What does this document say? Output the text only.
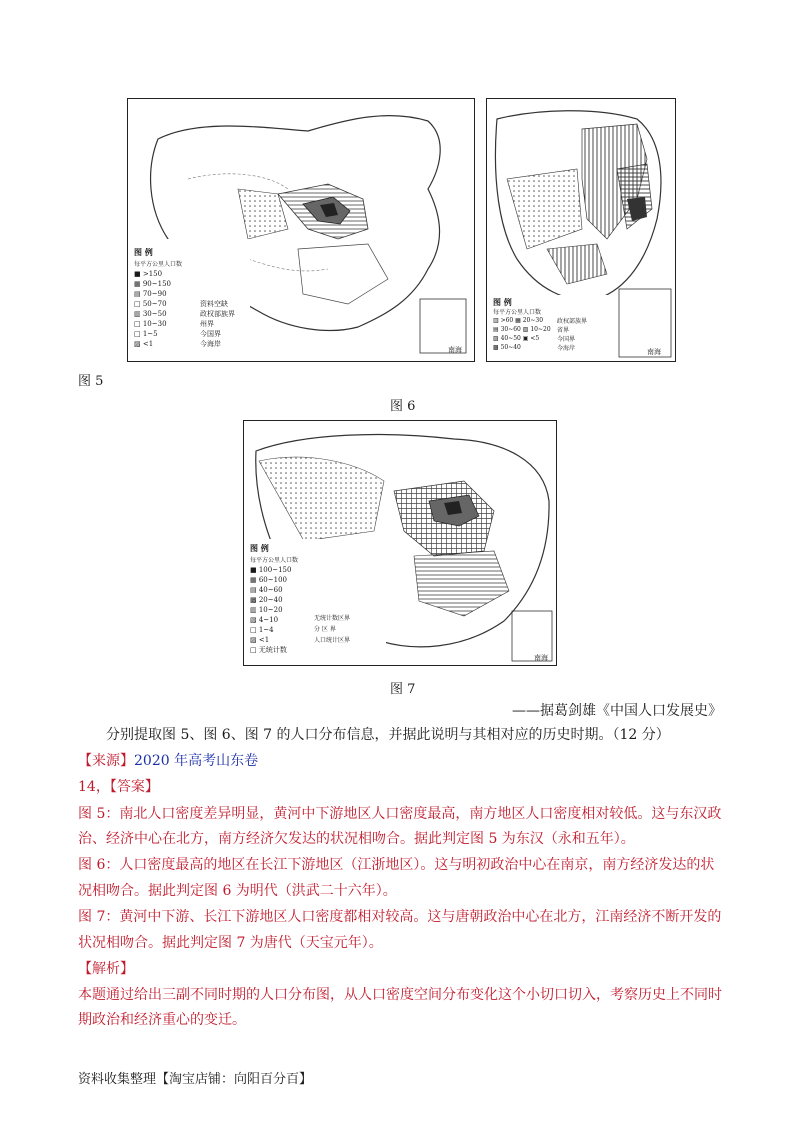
图 例
每平方公里人口数
■ >150
▦ 90~150
▤ 70~90
□ 50~70
▥ 30~50
□ 10~30
□ 1~5
▨ <1
资料空缺
政权部族界
州界
今国界
今海岸
南海
图 5
图 例
每平方公里人口数
▥ >60 ▦ 20~30
▤ 30~60 ▧ 10~20
▨ 40~50 ▣ <5
▩ 50~40
政权部族界
省界
今国界
今海岸	南海
图 6
图 例
每平方公里人口数
■ 100~150
▦ 60~100
▤ 40~60
▩ 20~40
▥ 10~20
▧ 4~10
□ 1~4
▨ <1
□ 无统计数
无统计数区界
分 区 界
人口统计区界
南海
图 7
——据葛剑雄《中国人口发展史》
分别提取图 5、图 6、图 7 的人口分布信息，并据此说明与其相对应的历史时期。（12 分）
【来源】2020 年高考山东卷
14，【答案】
图 5：南北人口密度差异明显，黄河中下游地区人口密度最高，南方地区人口密度相对较低。这与东汉政
治、经济中心在北方，南方经济欠发达的状况相吻合。据此判定图 5 为东汉（永和五年）。
图 6：人口密度最高的地区在长江下游地区（江浙地区）。这与明初政治中心在南京，南方经济发达的状
况相吻合。据此判定图 6 为明代（洪武二十六年）。
图 7：黄河中下游、长江下游地区人口密度都相对较高。这与唐朝政治中心在北方，江南经济不断开发的
状况相吻合。据此判定图 7 为唐代（天宝元年）。
【解析】
本题通过给出三副不同时期的人口分布图，从人口密度空间分布变化这个小切口切入，考察历史上不同时
期政治和经济重心的变迁。
资料收集整理【淘宝店铺：向阳百分百】
